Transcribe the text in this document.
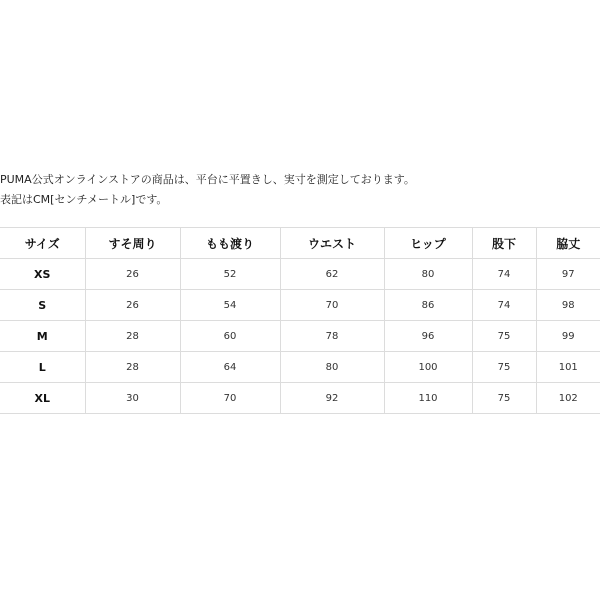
PUMA公式オンラインストアの商品は、平台に平置きし、実寸を測定しております。
表記はCM[センチメートル]です。
サイズ	すそ周り	もも渡り	ウエスト	ヒップ	股下	脇丈
XS	26	52	62	80	74	97
S	26	54	70	86	74	98
M	28	60	78	96	75	99
L	28	64	80	100	75	101
XL	30	70	92	110	75	102
